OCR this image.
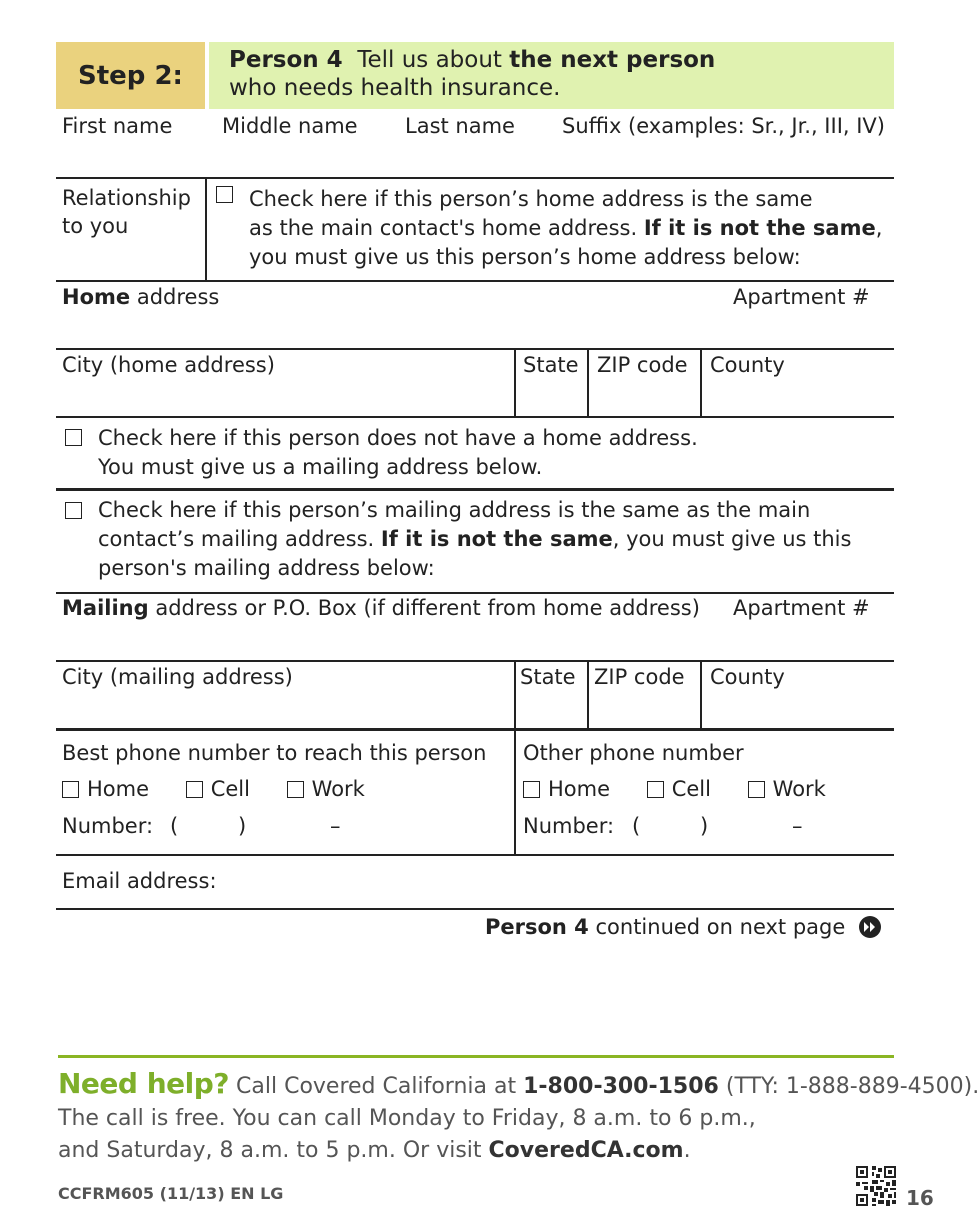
Step 2:
Person 4 Tell us about the next person
who needs health insurance.
First name Middle name Last name Suffix (examples: Sr., Jr., III, IV)
Relationship
to you
Check here if this person’s home address is the same
as the main contact's home address. If it is not the same,
you must give us this person’s home address below:
Home address	Apartment #
City (home address)	State ZIP code County
Check here if this person does not have a home address.
You must give us a mailing address below.
Check here if this person’s mailing address is the same as the main
contact’s mailing address. If it is not the same, you must give us this
person's mailing address below:
Mailing address or P.O. Box (if different from home address) Apartment #
City (mailing address)	State ZIP code County
Best phone number to reach this person
Home	Cell	Work
Number: (	)	–
Other phone number
Home	Cell	Work
Number: (	)	–
Email address:
Person 4 continued on next page
Need help? Call Covered California at 1-800-300-1506 (TTY: 1-888-889-4500).
The call is free. You can call Monday to Friday, 8 a.m. to 6 p.m.,
and Saturday, 8 a.m. to 5 p.m. Or visit CoveredCA.com.
CCFRM605 (11/13) EN LG	16
